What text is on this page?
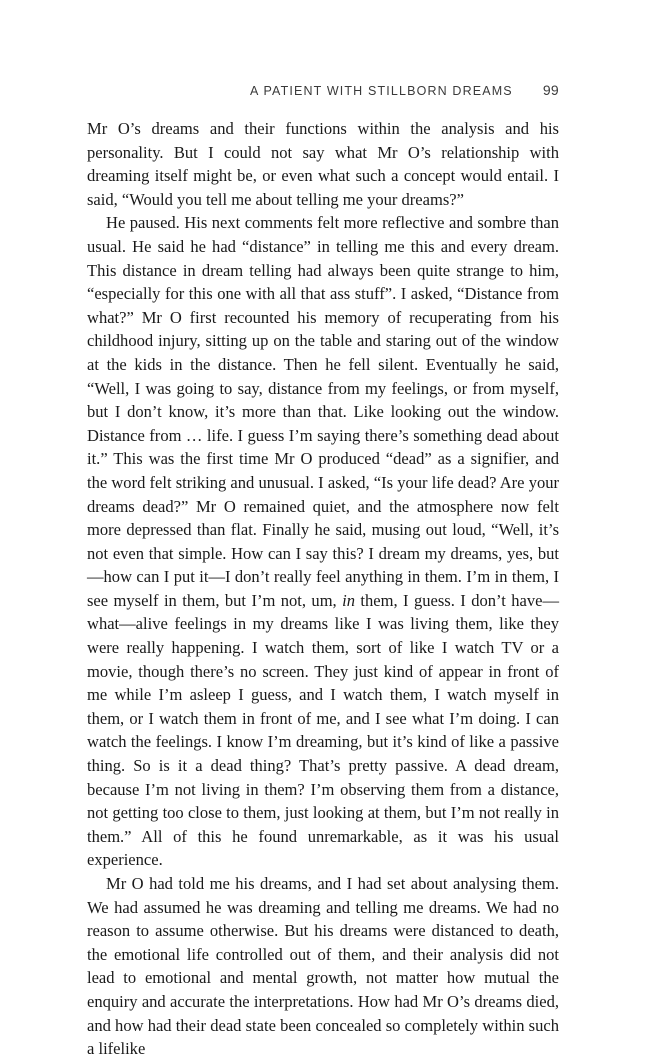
A PATIENT WITH STILLBORN DREAMS 99

Mr O’s dreams and their functions within the analysis and his personality. But I could not say what Mr O’s relationship with dreaming itself might be, or even what such a concept would entail. I said, “Would you tell me about telling me your dreams?”

He paused. His next comments felt more reflective and sombre than usual. He said he had “distance” in telling me this and every dream. This distance in dream telling had always been quite strange to him, “especially for this one with all that ass stuff”. I asked, “Distance from what?” Mr O first recounted his memory of recuperating from his childhood injury, sitting up on the table and staring out of the window at the kids in the distance. Then he fell silent. Eventually he said, “Well, I was going to say, distance from my feelings, or from myself, but I don’t know, it’s more than that. Like looking out the window. Distance from … life. I guess I’m saying there’s something dead about it.” This was the first time Mr O produced “dead” as a signifier, and the word felt striking and unusual. I asked, “Is your life dead? Are your dreams dead?” Mr O remained quiet, and the atmosphere now felt more depressed than flat. Finally he said, musing out loud, “Well, it’s not even that simple. How can I say this? I dream my dreams, yes, but—how can I put it—I don’t really feel anything in them. I’m in them, I see myself in them, but I’m not, um, in them, I guess. I don’t have—what—alive feelings in my dreams like I was living them, like they were really happening. I watch them, sort of like I watch TV or a movie, though there’s no screen. They just kind of appear in front of me while I’m asleep I guess, and I watch them, I watch myself in them, or I watch them in front of me, and I see what I’m doing. I can watch the feelings. I know I’m dreaming, but it’s kind of like a passive thing. So is it a dead thing? That’s pretty passive. A dead dream, because I’m not living in them? I’m observing them from a distance, not getting too close to them, just looking at them, but I’m not really in them.” All of this he found unremarkable, as it was his usual experience.

Mr O had told me his dreams, and I had set about analysing them. We had assumed he was dreaming and telling me dreams. We had no reason to assume otherwise. But his dreams were distanced to death, the emotional life controlled out of them, and their analysis did not lead to emotional and mental growth, not matter how mutual the enquiry and accurate the interpretations. How had Mr O’s dreams died, and how had their dead state been concealed so completely within such a lifelike
